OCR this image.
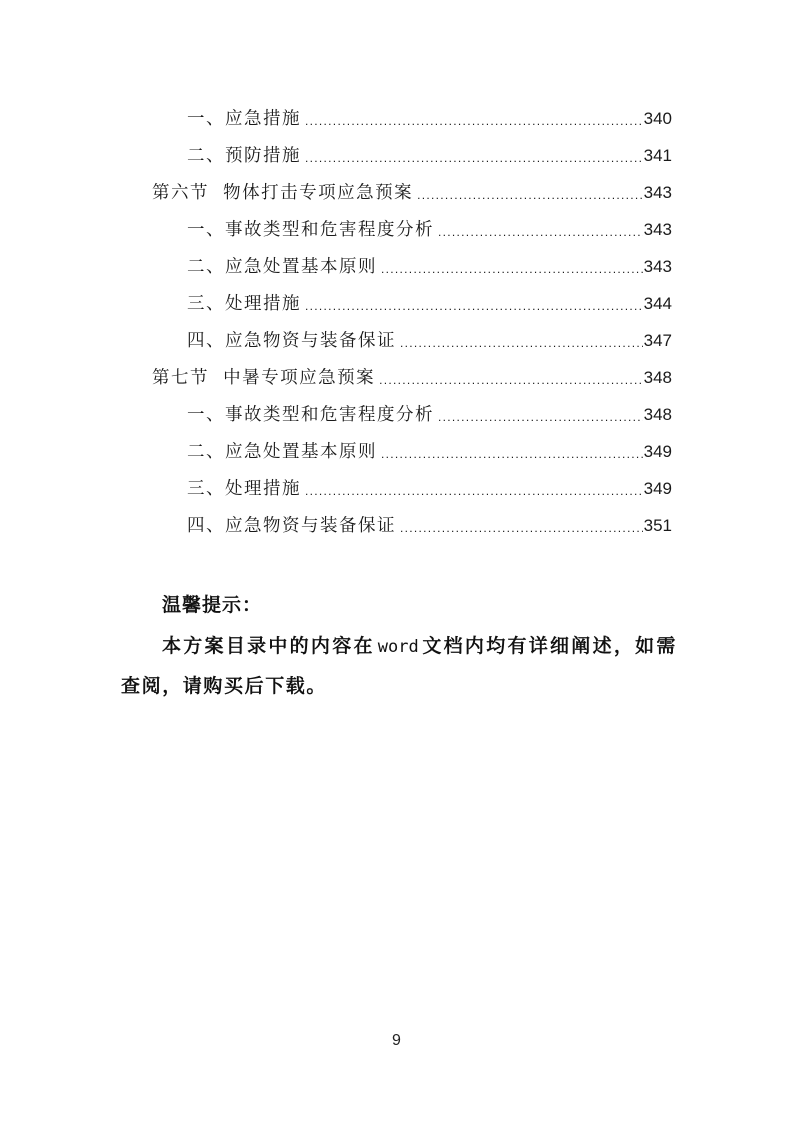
一、应急措施 .....	340
二、预防措施 .....	341
第六节  物体打击专项应急预案 .....	343
一、事故类型和危害程度分析 .....	343
二、应急处置基本原则 .....	343
三、处理措施 .....	344
四、应急物资与装备保证 .....	347
第七节  中暑专项应急预案 .....	348
一、事故类型和危害程度分析 .....	348
二、应急处置基本原则 .....	349
三、处理措施 .....	349
四、应急物资与装备保证 .....	351
温馨提示：
本方案目录中的内容在 word 文档内均有详细阐述，如需查阅，请购买后下载。
9
